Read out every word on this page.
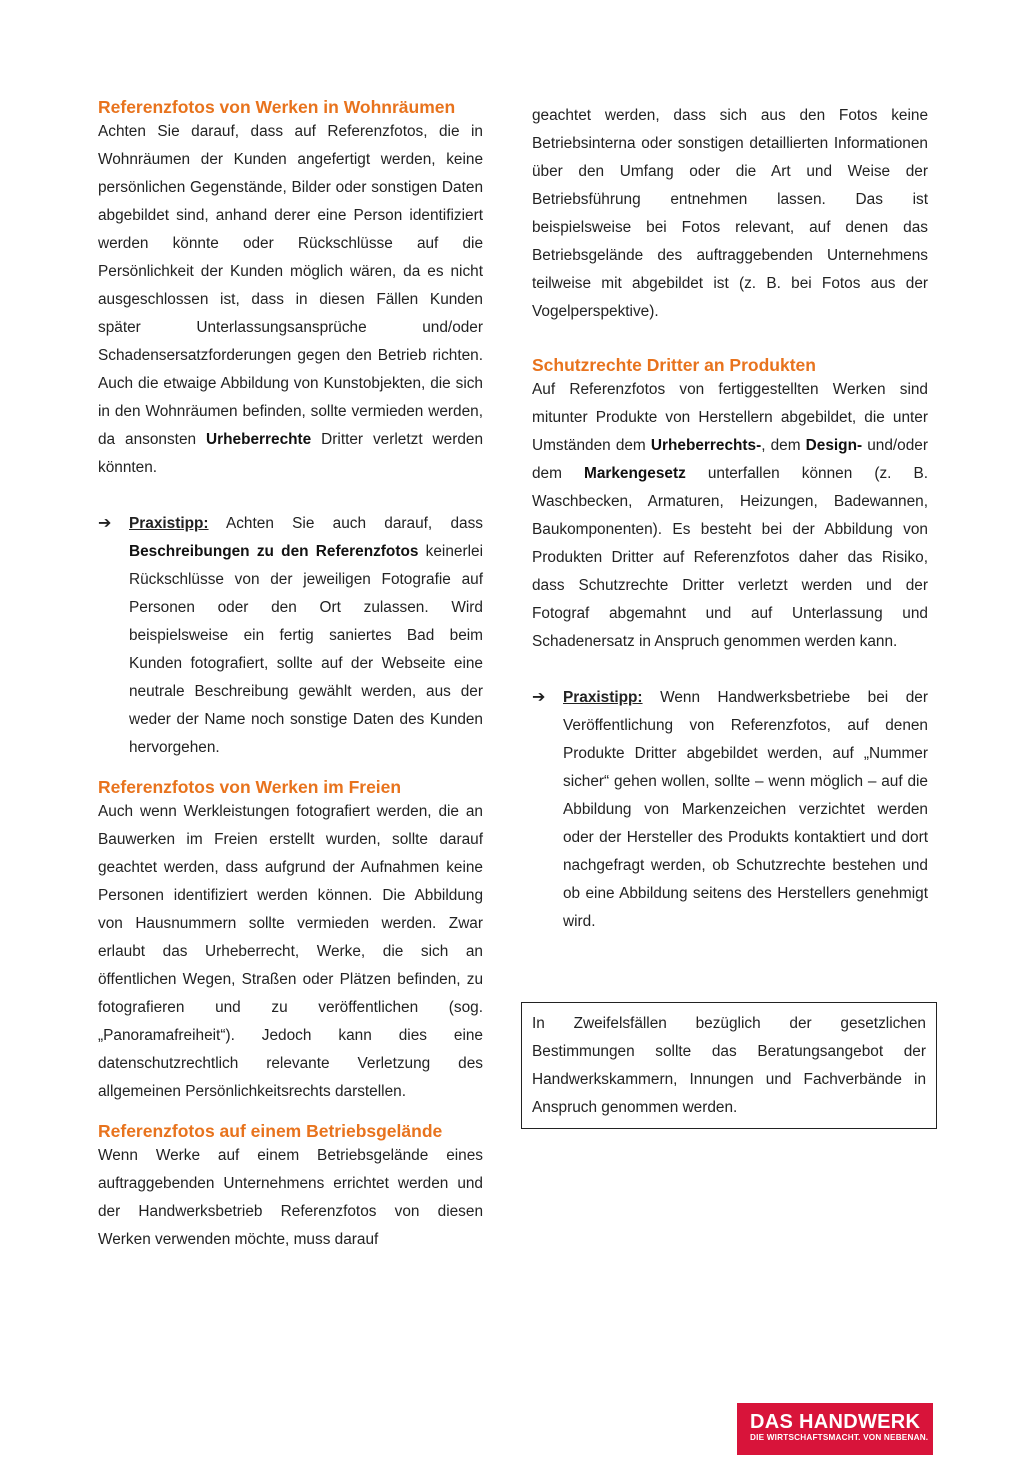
Referenzfotos von Werken in Wohnräumen

Achten Sie darauf, dass auf Referenzfotos, die in Wohnräumen der Kunden angefertigt werden, keine persönlichen Gegenstände, Bilder oder sonstigen Daten abgebildet sind, anhand derer eine Person identifiziert werden könnte oder Rückschlüsse auf die Persönlichkeit der Kunden möglich wären, da es nicht ausgeschlossen ist, dass in diesen Fällen Kunden später Unterlassungsansprüche und/oder Schadensersatzforderungen gegen den Betrieb richten. Auch die etwaige Abbildung von Kunstobjekten, die sich in den Wohnräumen befinden, sollte vermieden werden, da ansonsten Urheberrechte Dritter verletzt werden könnten.

➔ Praxistipp: Achten Sie auch darauf, dass Beschreibungen zu den Referenzfotos keinerlei Rückschlüsse von der jeweiligen Fotografie auf Personen oder den Ort zulassen. Wird beispielsweise ein fertig saniertes Bad beim Kunden fotografiert, sollte auf der Webseite eine neutrale Beschreibung gewählt werden, aus der weder der Name noch sonstige Daten des Kunden hervorgehen.
Referenzfotos von Werken im Freien

Auch wenn Werkleistungen fotografiert werden, die an Bauwerken im Freien erstellt wurden, sollte darauf geachtet werden, dass aufgrund der Aufnahmen keine Personen identifiziert werden können. Die Abbildung von Hausnummern sollte vermieden werden. Zwar erlaubt das Urheberrecht, Werke, die sich an öffentlichen Wegen, Straßen oder Plätzen befinden, zu fotografieren und zu veröffentlichen (sog. „Panoramafreiheit“). Jedoch kann dies eine datenschutzrechtlich relevante Verletzung des allgemeinen Persönlichkeitsrechts darstellen.

Referenzfotos auf einem Betriebsgelände

Wenn Werke auf einem Betriebsgelände eines auftraggebenden Unternehmens errichtet werden und der Handwerksbetrieb Referenzfotos von diesen Werken verwenden möchte, muss darauf

geachtet werden, dass sich aus den Fotos keine Betriebsinterna oder sonstigen detaillierten Informationen über den Umfang oder die Art und Weise der Betriebsführung entnehmen lassen. Das ist beispielsweise bei Fotos relevant, auf denen das Betriebsgelände des auftraggebenden Unternehmens teilweise mit abgebildet ist (z. B. bei Fotos aus der Vogelperspektive).

Schutzrechte Dritter an Produkten

Auf Referenzfotos von fertiggestellten Werken sind mitunter Produkte von Herstellern abgebildet, die unter Umständen dem Urheberrechts-, dem Design- und/oder dem Markengesetz unterfallen können (z. B. Waschbecken, Armaturen, Heizungen, Badewannen, Baukomponenten). Es besteht bei der Abbildung von Produkten Dritter auf Referenzfotos daher das Risiko, dass Schutzrechte Dritter verletzt werden und der Fotograf abgemahnt und auf Unterlassung und Schadenersatz in Anspruch genommen werden kann.

➔ Praxistipp: Wenn Handwerksbetriebe bei der Veröffentlichung von Referenzfotos, auf denen Produkte Dritter abgebildet werden, auf „Nummer sicher“ gehen wollen, sollte – wenn möglich – auf die Abbildung von Markenzeichen verzichtet werden oder der Hersteller des Produkts kontaktiert und dort nachgefragt werden, ob Schutzrechte bestehen und ob eine Abbildung seitens des Herstellers genehmigt wird.
In Zweifelsfällen bezüglich der gesetzlichen Bestimmungen sollte das Beratungsangebot der Handwerkskammern, Innungen und Fachverbände in Anspruch genommen werden.
DAS HANDWERK
DIE WIRTSCHAFTSMACHT. VON NEBENAN.
